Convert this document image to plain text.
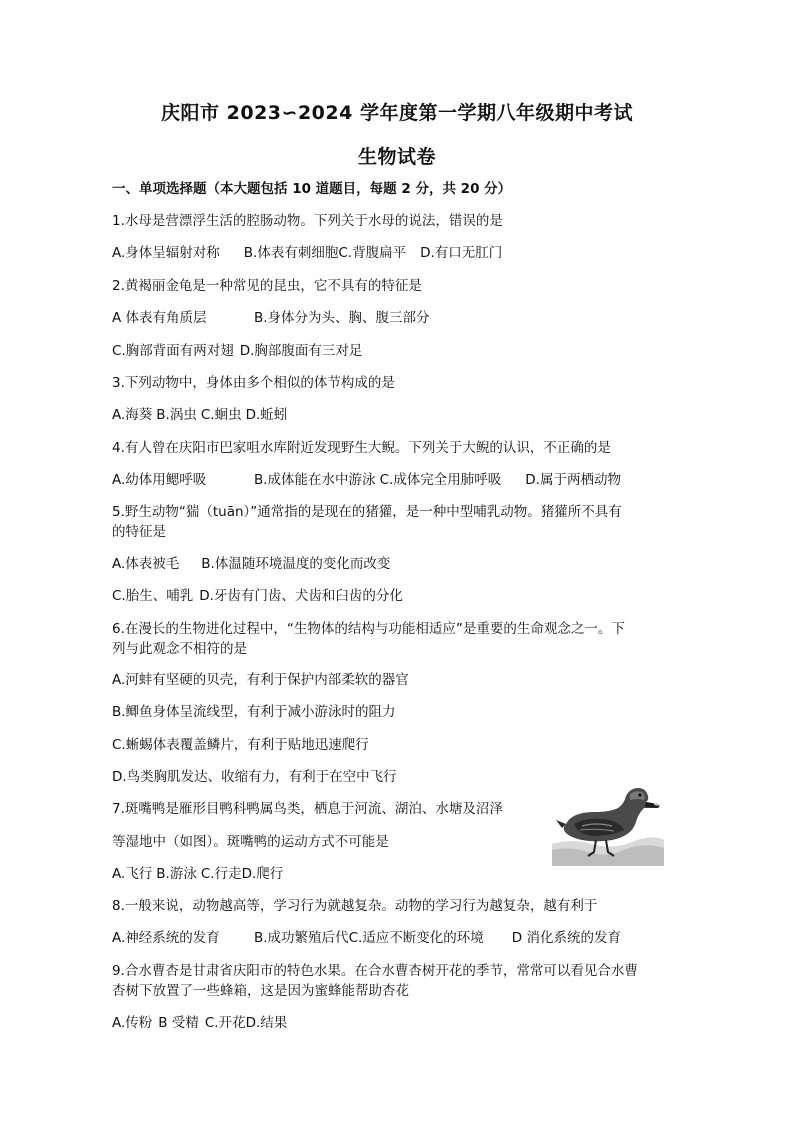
庆阳市 2023∽2024 学年度第一学期八年级期中考试
生物试卷
一、单项选择题（本大题包括 10 道题目，每题 2 分，共 20 分）
1.水母是营漂浮生活的腔肠动物。下列关于水母的说法，错误的是
A.身体呈辐射对称 B.体表有刺细胞C.背腹扁平 D.有口无肛门
2.黄褐丽金龟是一种常见的昆虫，它不具有的特征是
A 体表有角质层	B.身体分为头、胸、腹三部分
C.胸部背面有两对翅 D.胸部腹面有三对足
3.下列动物中，身体由多个相似的体节构成的是
A.海葵 B.涡虫 C.蛔虫 D.蚯蚓
4.有人曾在庆阳市巴家咀水库附近发现野生大鲵。下列关于大鲵的认识，不正确的是
A.幼体用鳃呼吸	B.成体能在水中游泳 C.成体完全用肺呼吸 D.属于两栖动物
5.野生动物“猯（tuān）”通常指的是现在的猪獾，是一种中型哺乳动物。猪獾所不具有
的特征是
A.体表被毛 B.体温随环境温度的变化而改变
C.胎生、哺乳 D.牙齿有门齿、犬齿和臼齿的分化
6.在漫长的生物进化过程中，“生物体的结构与功能相适应”是重要的生命观念之一。下
列与此观念不相符的是
A.河蚌有坚硬的贝壳，有利于保护内部柔软的器官
B.鲫鱼身体呈流线型，有利于减小游泳时的阻力
C.蜥蜴体表覆盖鳞片，有利于贴地迅速爬行
D.鸟类胸肌发达、收缩有力，有利于在空中飞行
7.斑嘴鸭是雁形目鸭科鸭属鸟类，栖息于河流、湖泊、水塘及沼泽
等湿地中（如图）。斑嘴鸭的运动方式不可能是
A.飞行 B.游泳 C.行走D.爬行
8.一般来说，动物越高等，学习行为就越复杂。动物的学习行为越复杂，越有利于
A.神经系统的发育	B.成功繁殖后代C.适应不断变化的环境 D 消化系统的发育
9.合水曹杏是甘肃省庆阳市的特色水果。在合水曹杏树开花的季节，常常可以看见合水曹
杏树下放置了一些蜂箱，这是因为蜜蜂能帮助杏花
A.传粉 B 受精 C.开花D.结果
